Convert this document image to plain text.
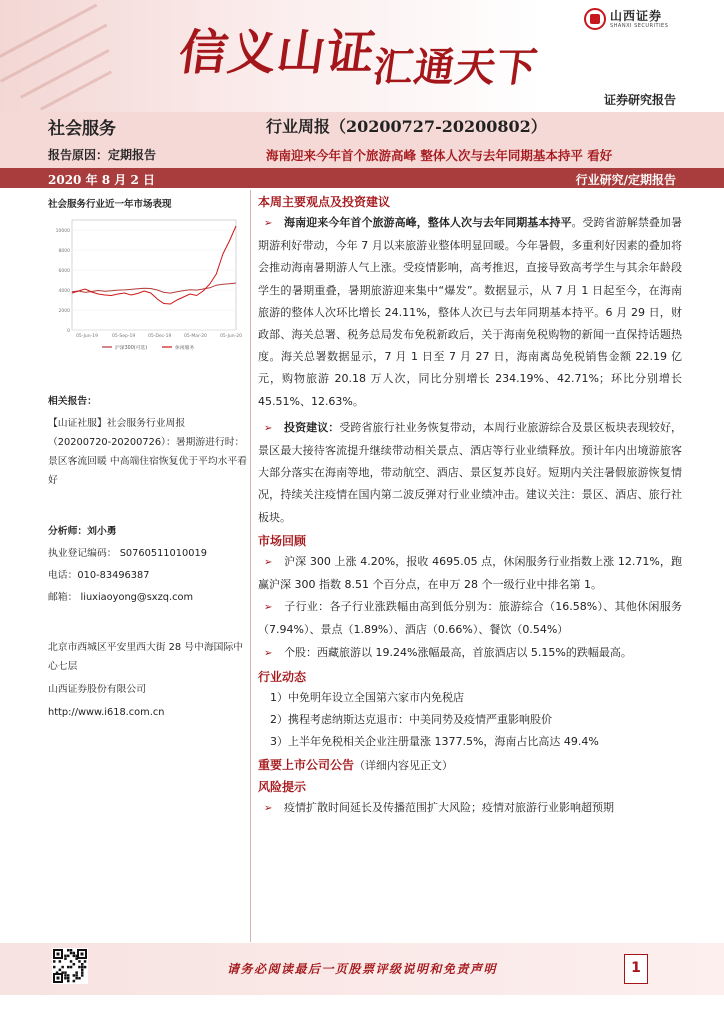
信义山证$_{汇通天下}$
山西证券
SHANXI SECURITIES
证券研究报告
社会服务
报告原因：定期报告
行业周报（20200727-20200802）
海南迎来今年首个旅游高峰 整体人次与去年同期基本持平 看好
2020 年 8 月 2 日	行业研究/定期报告
社会服务行业近一年市场表现
10000
8000
6000
4000
2000
0
05-Jun-19	05-Sep-19	05-Dec-19	05-Mar-20	05-Jun-20
沪深300(可选)	休闲服务
相关报告：
【山证社服】社会服务行业周报（20200720-20200726）：暑期游进行时：景区客流回暖 中高端住宿恢复优于平均水平看好
分析师：刘小勇
执业登记编码： S0760511010019
电话：010-83496387
邮箱： liuxiaoyong@sxzq.com
北京市西城区平安里西大街 28 号中海国际中心七层
山西证券股份有限公司
http://www.i618.com.cn
本周主要观点及投资建议
➢ 海南迎来今年首个旅游高峰，整体人次与去年同期基本持平。受跨省游解禁叠加暑期游利好带动，今年 7 月以来旅游业整体明显回暖。今年暑假，多重利好因素的叠加将会推动海南暑期游人气上涨。受疫情影响，高考推迟，直接导致高考学生与其余年龄段学生的暑期重叠，暑期旅游迎来集中“爆发”。数据显示，从 7 月 1 日起至今，在海南旅游的整体人次环比增长 24.11%，整体人次已与去年同期基本持平。6 月 29 日，财政部、海关总署、税务总局发布免税新政后，关于海南免税购物的新闻一直保持话题热度。海关总署数据显示，7 月 1 日至 7 月 27 日，海南离岛免税销售金额 22.19 亿元，购物旅游 20.18 万人次，同比分别增长 234.19%、42.71%；环比分别增长 45.51%、12.63%。
➢ 投资建议：受跨省旅行社业务恢复带动，本周行业旅游综合及景区板块表现较好，景区最大接待客流提升继续带动相关景点、酒店等行业业绩释放。预计年内出境游旅客大部分落实在海南等地，带动航空、酒店、景区复苏良好。短期内关注暑假旅游恢复情况，持续关注疫情在国内第二波反弹对行业业绩冲击。建议关注：景区、酒店、旅行社板块。
市场回顾
➢ 沪深 300 上涨 4.20%，报收 4695.05 点，休闲服务行业指数上涨 12.71%，跑赢沪深 300 指数 8.51 个百分点，在申万 28 个一级行业中排名第 1。
➢ 子行业：各子行业涨跌幅由高到低分别为：旅游综合（16.58%）、其他休闲服务（7.94%）、景点（1.89%）、酒店（0.66%）、餐饮（0.54%）
➢ 个股：西藏旅游以 19.24%涨幅最高，首旅酒店以 5.15%的跌幅最高。
行业动态
1）中免明年设立全国第六家市内免税店
2）携程考虑纳斯达克退市：中美同势及疫情严重影响股价
3）上半年免税相关企业注册量涨 1377.5%，海南占比高达 49.4%
重要上市公司公告（详细内容见正文）
风险提示
➢ 疫情扩散时间延长及传播范围扩大风险；疫情对旅游行业影响超预期
请务必阅读最后一页股票评级说明和免责声明	1
